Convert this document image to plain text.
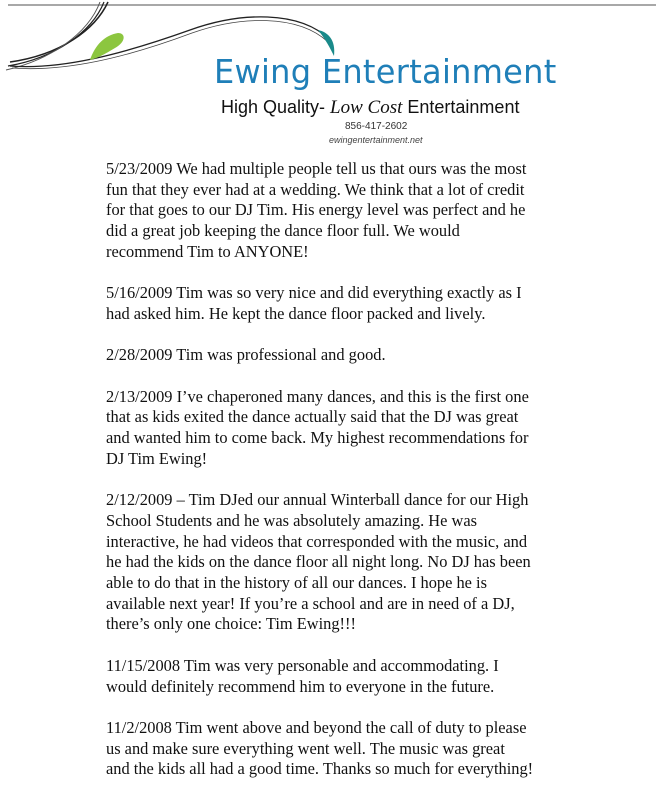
Ewing Entertainment
High Quality- Low Cost Entertainment
856-417-2602
ewingentertainment.net
5/23/2009 We had multiple people tell us that ours was the most
fun that they ever had at a wedding. We think that a lot of credit
for that goes to our DJ Tim. His energy level was perfect and he
did a great job keeping the dance floor full. We would
recommend Tim to ANYONE!
5/16/2009 Tim was so very nice and did everything exactly as I
had asked him. He kept the dance floor packed and lively.
2/28/2009 Tim was professional and good.
2/13/2009 I’ve chaperoned many dances, and this is the first one
that as kids exited the dance actually said that the DJ was great
and wanted him to come back. My highest recommendations for
DJ Tim Ewing!
2/12/2009 – Tim DJed our annual Winterball dance for our High
School Students and he was absolutely amazing. He was
interactive, he had videos that corresponded with the music, and
he had the kids on the dance floor all night long. No DJ has been
able to do that in the history of all our dances. I hope he is
available next year! If you’re a school and are in need of a DJ,
there’s only one choice: Tim Ewing!!!
11/15/2008 Tim was very personable and accommodating. I
would definitely recommend him to everyone in the future.
11/2/2008 Tim went above and beyond the call of duty to please
us and make sure everything went well. The music was great
and the kids all had a good time. Thanks so much for everything!
